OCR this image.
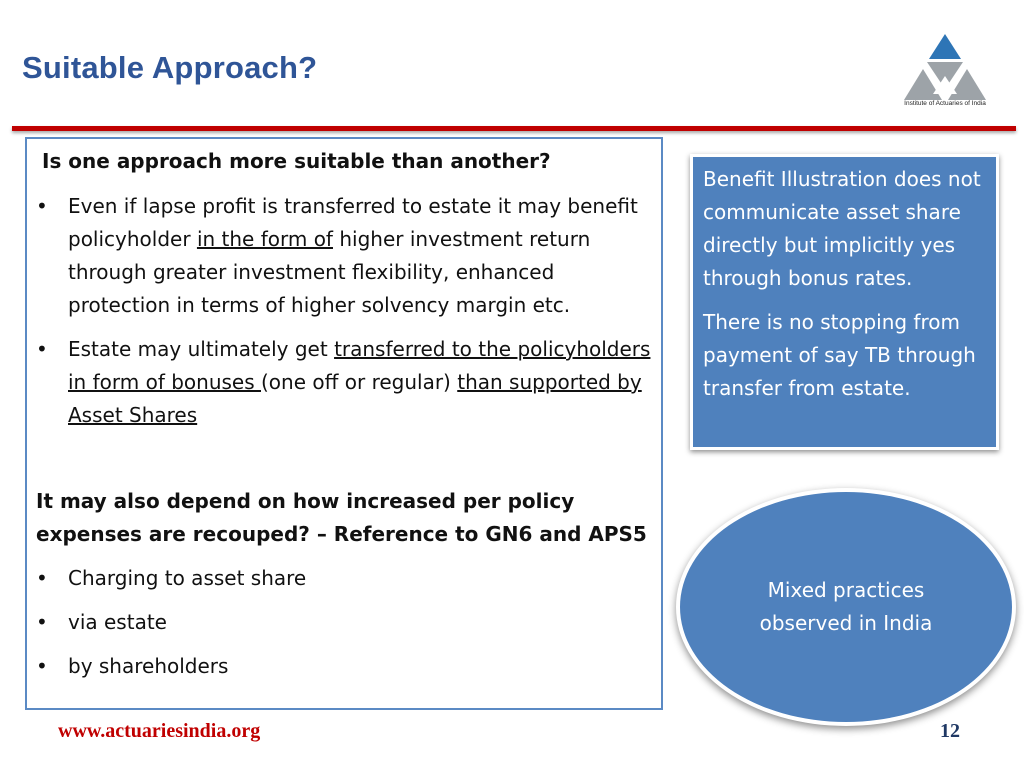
Suitable Approach?
Institute of Actuaries of India
Is one approach more suitable than another?
• Even if lapse profit is transferred to estate it may benefit policyholder in the form of higher investment return through greater investment flexibility, enhanced protection in terms of higher solvency margin etc.
• Estate may ultimately get transferred to the policyholders in form of bonuses (one off or regular) than supported by Asset Shares
It may also depend on how increased per policy expenses are recouped? – Reference to GN6 and APS5
• Charging to asset share
• via estate
• by shareholders

Benefit Illustration does not communicate asset share directly but implicitly yes through bonus rates.

There is no stopping from payment of say TB through transfer from estate.

Mixed practices
observed in India
www.actuariesindia.org	12
